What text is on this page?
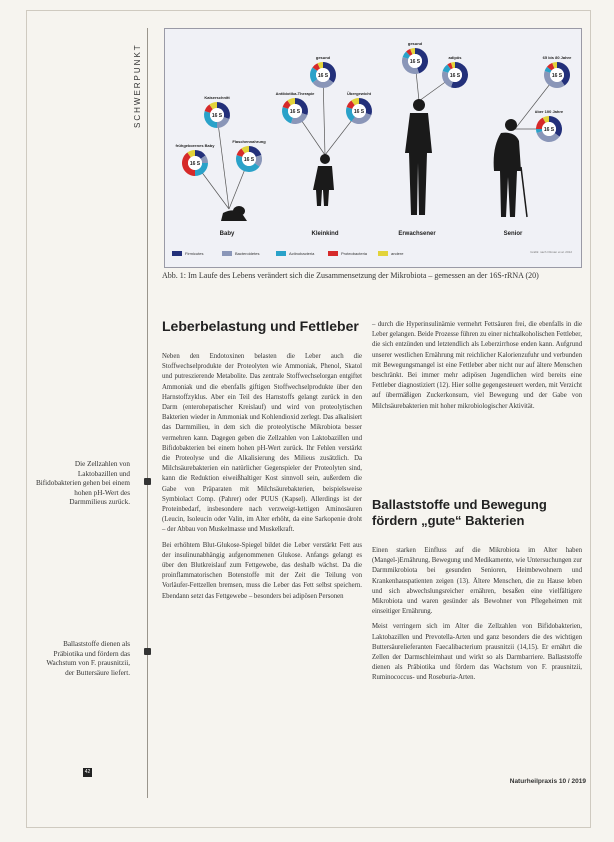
SCHWERPUNKT
16 S
frühgeborenes Baby
16 S
Kaiserschnitt
16 S
Flaschennahrung
16 S
Antibiotika-Therapie
16 S
gesund
16 S
Übergewicht
16 S
gesund
16 S
adipös
16 S
65 bis 80 Jahre
16 S
über 100 Jahre
Baby	Kleinkind	Erwachsener	Senior
Firmicutes	Bacteroidetes	Actinobacteria	Proteobacteria	andere	Grafik: nach Ottman et al. 2012
Abb. 1: Im Laufe des Lebens verändert sich die Zusammensetzung der Mikrobiota – gemessen an der 16S-rRNA (20)
Leberbelastung und Fettleber

Neben den Endotoxinen belasten die Leber auch die Stoffwechselprodukte der Proteolyten wie Ammoniak, Phenol, Skatol und putreszierende Metabolite. Das zentrale Stoffwechselorgan entgiftet Ammoniak und die ebenfalls giftigen Stoffwechselprodukte über den Harnstoffzyklus. Aber ein Teil des Harnstoffs gelangt zurück in den Darm (enterohepatischer Kreislauf) und wird von proteolytischen Bakterien wieder in Ammoniak und Kohlendioxid zerlegt. Das alkalisiert das Darmmilieu, in dem sich die proteolytische Mikrobiota besser vermehren kann. Dagegen geben die Zellzahlen von Laktobazillen und Bifidobakterien bei einem hohen pH-Wert zurück. Ihr Fehlen verstärkt die Proteolyse und die Alkalisierung des Milieus zusätzlich. Da Milchsäurebakterien ein natürlicher Gegenspieler der Proteolyten sind, kann die Reduktion eiweißhaltiger Kost sinnvoll sein, außerdem die Gabe von Präparaten mit Milchsäurebakterien, beispielsweise Symbiolact Comp. (Pahrer) oder PUUS (Kapsel). Allerdings ist der Proteinbedarf, insbesondere nach verzweigt-kettigen Aminosäuren (Leucin, Isoleucin oder Valin, im Alter erhöht, da eine Sarkopenie droht – der Abbau von Muskelmasse und Muskelkraft.

Bei erhöhtem Blut-Glukose-Spiegel bildet die Leber verstärkt Fett aus der insulinunabhängig aufgenommenen Glukose. Anfangs gelangt es über den Blutkreislauf zum Fettgewebe, das deshalb wächst. Da die proinflammatorischen Botenstoffe mit der Zeit die Teilung von Vorläufer-Fettzellen bremsen, muss die Leber das Fett selbst speichern. Ebendann setzt das Fettgewebe – besonders bei adipösen Personen

– durch die Hyperinsulinämie vermehrt Fettsäuren frei, die ebenfalls in die Leber gelangen. Beide Prozesse führen zu einer nichtalkoholischen Fettleber, die sich entzünden und letztendlich als Leberzirrhose enden kann. Aufgrund unserer westlichen Ernährung mit reichlicher Kalorienzufuhr und verbunden mit Bewegungsmangel ist eine Fettleber aber nicht nur auf ältere Menschen beschränkt. Bei immer mehr adipösen Jugendlichen wird bereits eine Fettleber diagnostiziert (12). Hier sollte gegengesteuert werden, mit Verzicht auf übermäßigen Zuckerkonsum, viel Bewegung und der Gabe von Milchsäurebakterien mit hoher mikrobiologischer Aktivität.

Ballaststoffe und Bewegung fördern „gute“ Bakterien

Einen starken Einfluss auf die Mikrobiota im Alter haben (Mangel-)Ernährung, Bewegung und Medikamente, wie Untersuchungen zur Darmmikrobiota bei gesunden Senioren, Heimbewohnern und Krankenhauspatienten zeigen (13). Ältere Menschen, die zu Hause leben und sich abwechslungsreicher ernähren, besaßen eine vielfältigere Mikrobiota und waren gesünder als Bewohner von Pflegeheimen mit einseitiger Ernährung.

Meist verringern sich im Alter die Zellzahlen von Bifidobakterien, Laktobazillen und Prevotella-Arten und ganz besonders die des wichtigen Buttersäurelieferanten Faecalibacterium prausnitzii (14,15). Er ernährt die Zellen der Darmschleimhaut und wirkt so als Darmbarriere. Ballaststoffe dienen als Präbiotika und fördern das Wachstum von F. prausnitzii, Ruminococcus- und Roseburia-Arten.

Die Zellzahlen von Laktobazillen und Bifidobakterien gehen bei einem hohen pH-Wert des Darmmilieus zurück.
Ballaststoffe dienen als Präbiotika und fördern das Wachstum von F. prausnitzii, der Buttersäure liefert.
42
Naturheilpraxis 10 / 2019
